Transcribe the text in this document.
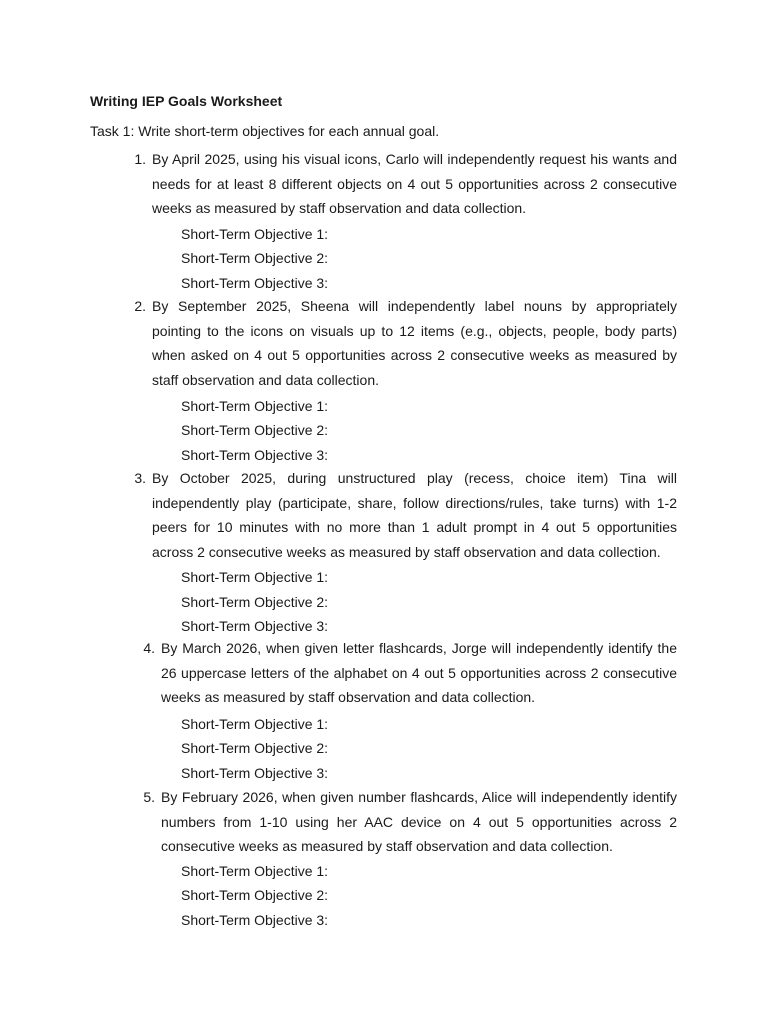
Writing IEP Goals Worksheet
Task 1: Write short-term objectives for each annual goal.
1. By April 2025, using his visual icons, Carlo will independently request his wants and needs for at least 8 different objects on 4 out 5 opportunities across 2 consecutive weeks as measured by staff observation and data collection.
Short-Term Objective 1:
Short-Term Objective 2:
Short-Term Objective 3:
2. By September 2025, Sheena will independently label nouns by appropriately pointing to the icons on visuals up to 12 items (e.g., objects, people, body parts) when asked on 4 out 5 opportunities across 2 consecutive weeks as measured by staff observation and data collection.
Short-Term Objective 1:
Short-Term Objective 2:
Short-Term Objective 3:
3. By October 2025, during unstructured play (recess, choice item) Tina will independently play (participate, share, follow directions/rules, take turns) with 1-2 peers for 10 minutes with no more than 1 adult prompt in 4 out 5 opportunities across 2 consecutive weeks as measured by staff observation and data collection.
Short-Term Objective 1:
Short-Term Objective 2:
Short-Term Objective 3:
4. By March 2026, when given letter flashcards, Jorge will independently identify the 26 uppercase letters of the alphabet on 4 out 5 opportunities across 2 consecutive weeks as measured by staff observation and data collection.
Short-Term Objective 1:
Short-Term Objective 2:
Short-Term Objective 3:
5. By February 2026, when given number flashcards, Alice will independently identify numbers from 1-10 using her AAC device on 4 out 5 opportunities across 2 consecutive weeks as measured by staff observation and data collection.
Short-Term Objective 1:
Short-Term Objective 2:
Short-Term Objective 3:
